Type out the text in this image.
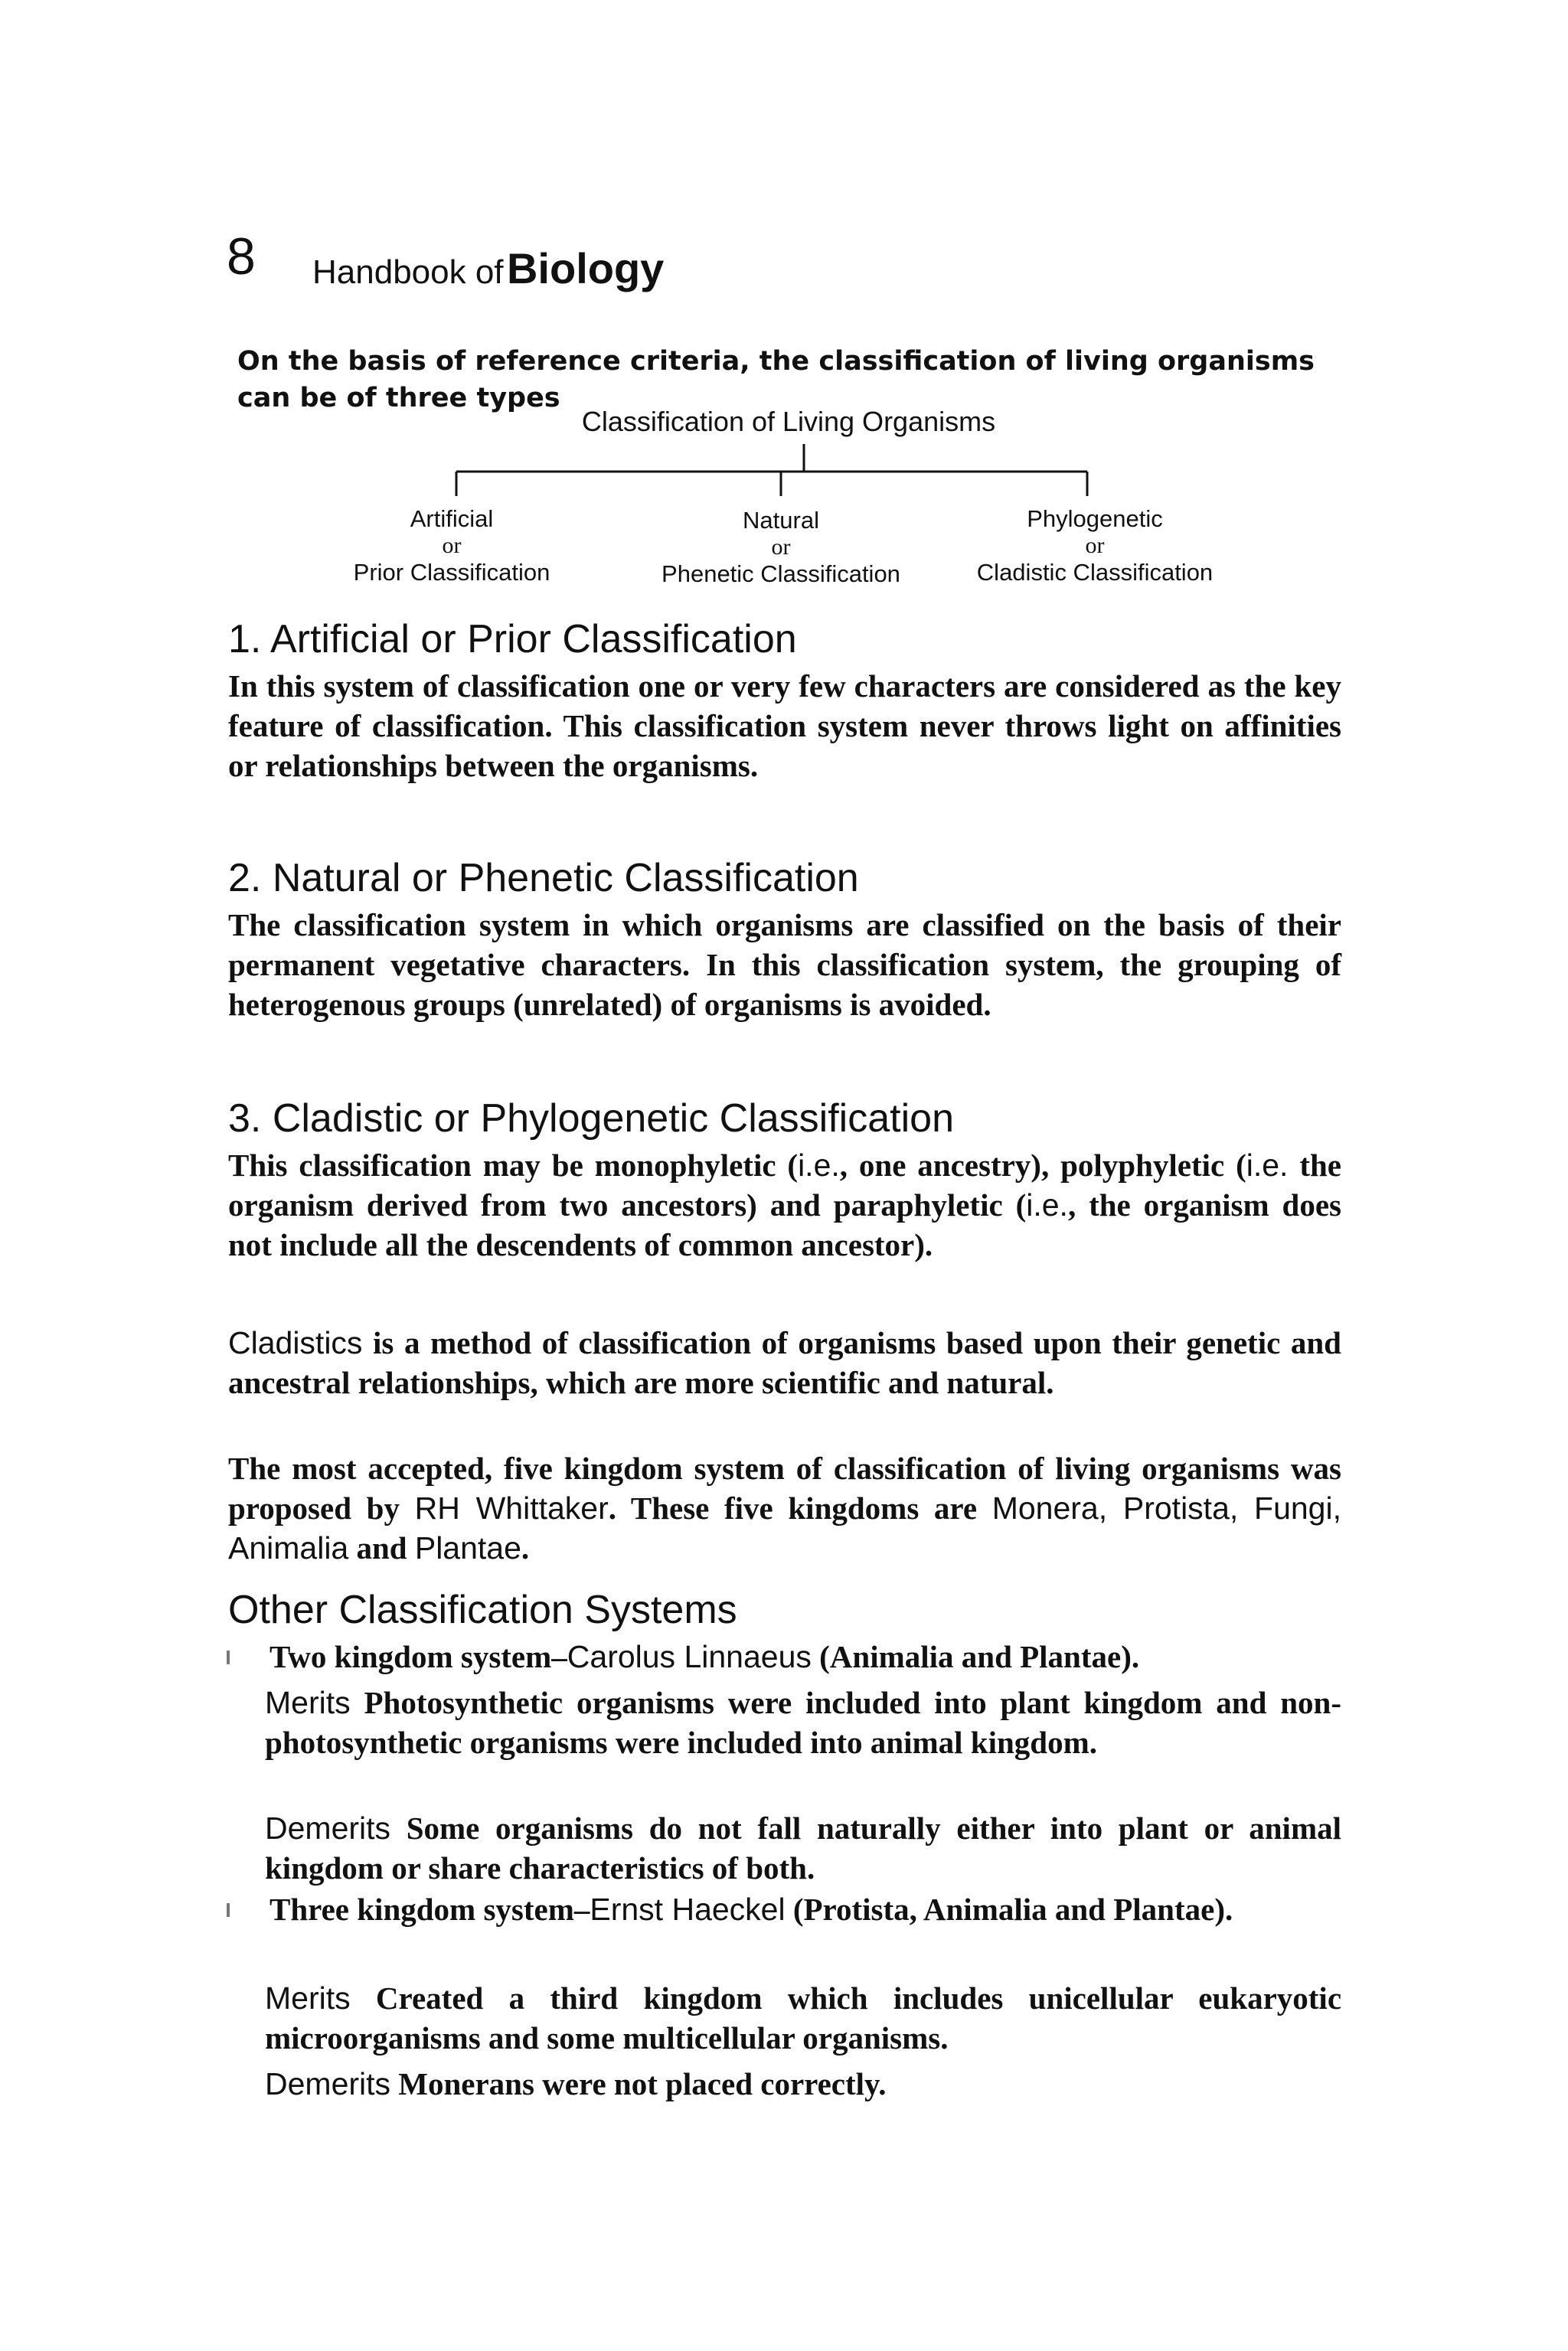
8 Handbook of Biology
On the basis of reference criteria, the classification of living organisms can be of three types
Classification of Living Organisms
Artificial
or
Prior Classification
Natural
or
Phenetic Classification
Phylogenetic
or
Cladistic Classification
1. Artificial or Prior Classification

In this system of classification one or very few characters are considered as the key feature of classification. This classification system never throws light on affinities or relationships between the organisms.

2. Natural or Phenetic Classification

The classification system in which organisms are classified on the basis of their permanent vegetative characters. In this classification system, the grouping of heterogenous groups (unrelated) of organisms is avoided.

3. Cladistic or Phylogenetic Classification

This classification may be monophyletic (i.e., one ancestry), polyphyletic (i.e. the organism derived from two ancestors) and paraphyletic (i.e., the organism does not include all the descendents of common ancestor).

Cladistics is a method of classification of organisms based upon their genetic and ancestral relationships, which are more scientific and natural.

The most accepted, five kingdom system of classification of living organisms was proposed by RH Whittaker. These five kingdoms are Monera, Protista, Fungi, Animalia and Plantae.

Other Classification Systems
Two kingdom system–Carolus Linnaeus (Animalia and Plantae).
Merits Photosynthetic organisms were included into plant kingdom and non-photosynthetic organisms were included into animal kingdom.
Demerits Some organisms do not fall naturally either into plant or animal kingdom or share characteristics of both.
Three kingdom system–Ernst Haeckel (Protista, Animalia and Plantae).
Merits Created a third kingdom which includes unicellular eukaryotic microorganisms and some multicellular organisms.
Demerits Monerans were not placed correctly.
